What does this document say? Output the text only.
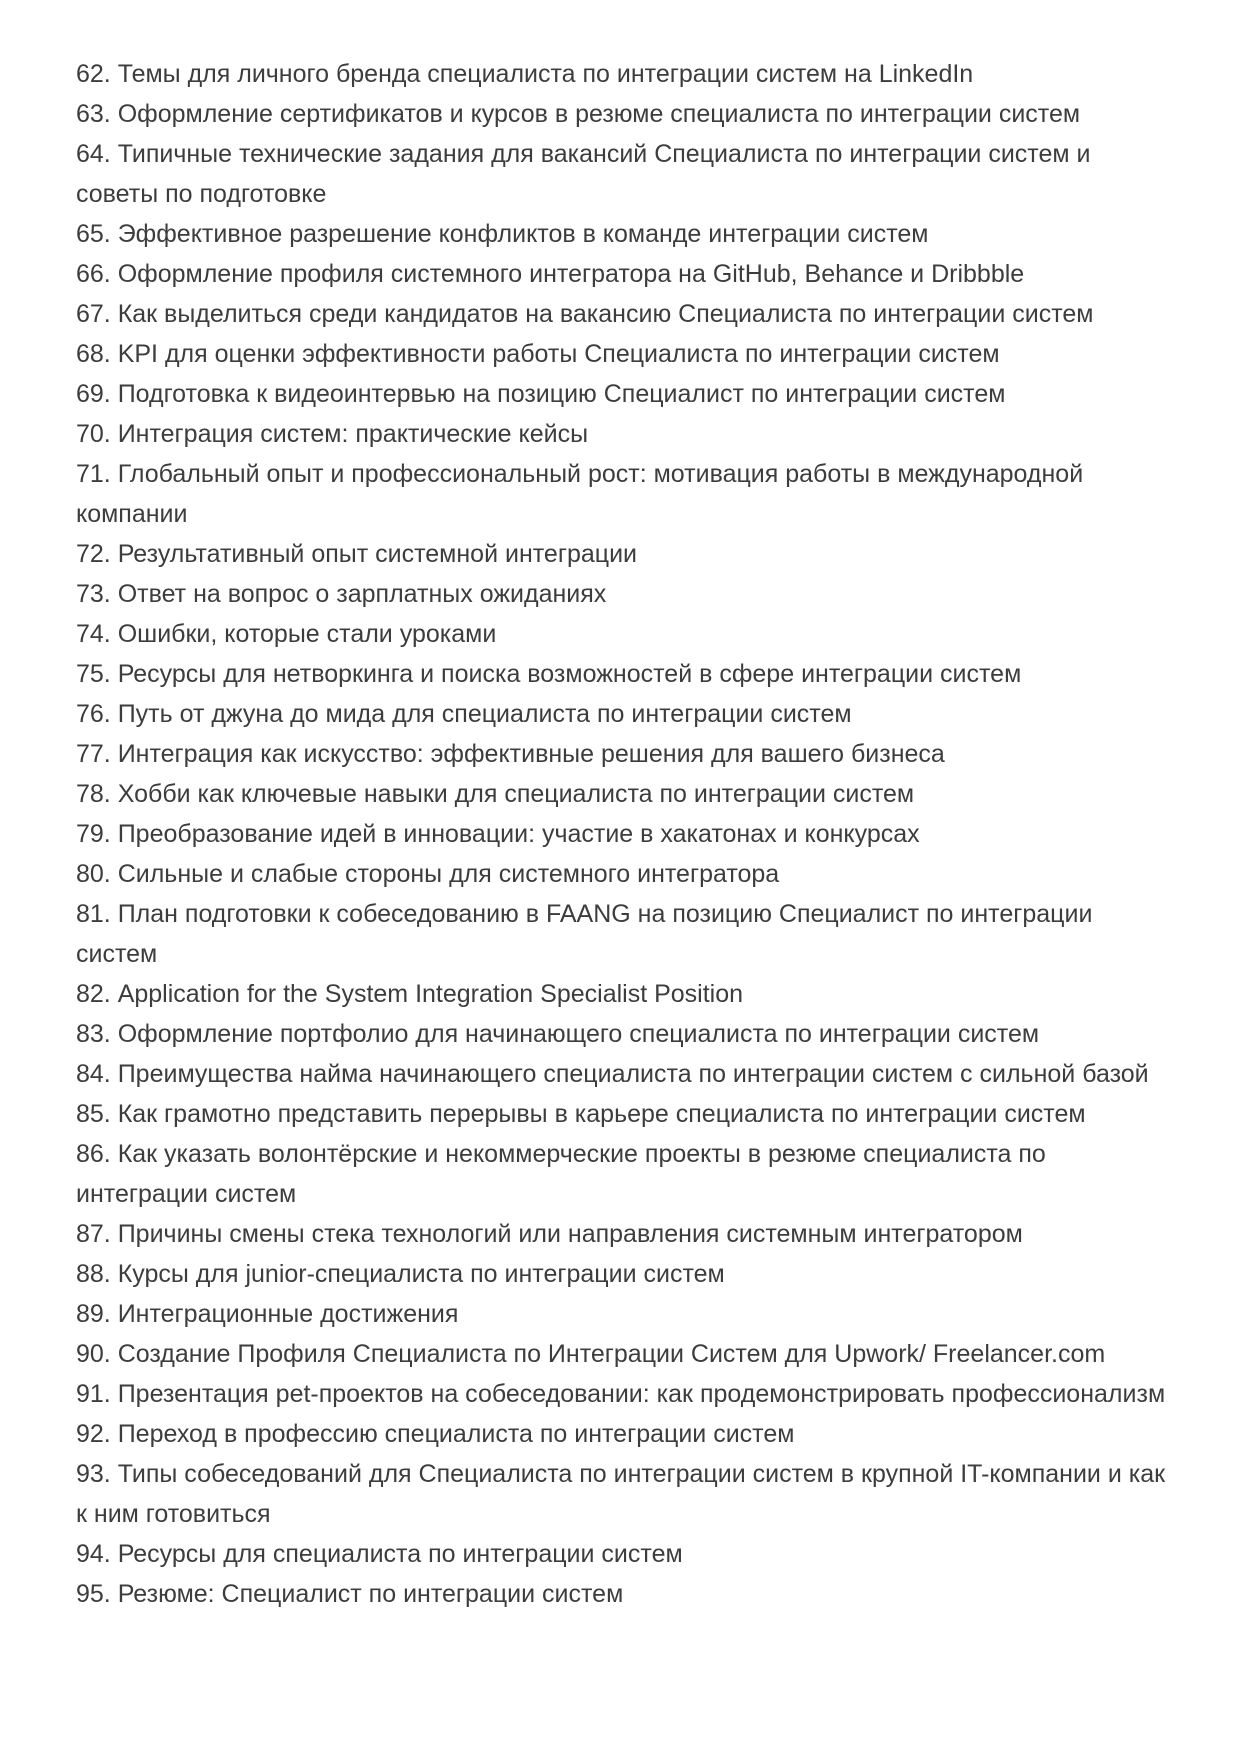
62. Темы для личного бренда специалиста по интеграции систем на LinkedIn

63. Оформление сертификатов и курсов в резюме специалиста по интеграции систем

64. Типичные технические задания для вакансий Специалиста по интеграции систем и советы по подготовке

65. Эффективное разрешение конфликтов в команде интеграции систем

66. Оформление профиля системного интегратора на GitHub, Behance и Dribbble

67. Как выделиться среди кандидатов на вакансию Специалиста по интеграции систем

68. KPI для оценки эффективности работы Специалиста по интеграции систем

69. Подготовка к видеоинтервью на позицию Специалист по интеграции систем

70. Интеграция систем: практические кейсы

71. Глобальный опыт и профессиональный рост: мотивация работы в международной компании

72. Результативный опыт системной интеграции

73. Ответ на вопрос о зарплатных ожиданиях

74. Ошибки, которые стали уроками

75. Ресурсы для нетворкинга и поиска возможностей в сфере интеграции систем

76. Путь от джуна до мида для специалиста по интеграции систем

77. Интеграция как искусство: эффективные решения для вашего бизнеса

78. Хобби как ключевые навыки для специалиста по интеграции систем

79. Преобразование идей в инновации: участие в хакатонах и конкурсах

80. Сильные и слабые стороны для системного интегратора

81. План подготовки к собеседованию в FAANG на позицию Специалист по интеграции систем

82. Application for the System Integration Specialist Position

83. Оформление портфолио для начинающего специалиста по интеграции систем

84. Преимущества найма начинающего специалиста по интеграции систем с сильной базой

85. Как грамотно представить перерывы в карьере специалиста по интеграции систем

86. Как указать волонтёрские и некоммерческие проекты в резюме специалиста по интеграции систем

87. Причины смены стека технологий или направления системным интегратором

88. Курсы для junior-специалиста по интеграции систем

89. Интеграционные достижения

90. Создание Профиля Специалиста по Интеграции Систем для Upwork/ Freelancer.com

91. Презентация pet-проектов на собеседовании: как продемонстрировать профессионализм

92. Переход в профессию специалиста по интеграции систем

93. Типы собеседований для Специалиста по интеграции систем в крупной IT-компании и как к ним готовиться

94. Ресурсы для специалиста по интеграции систем

95. Резюме: Специалист по интеграции систем
